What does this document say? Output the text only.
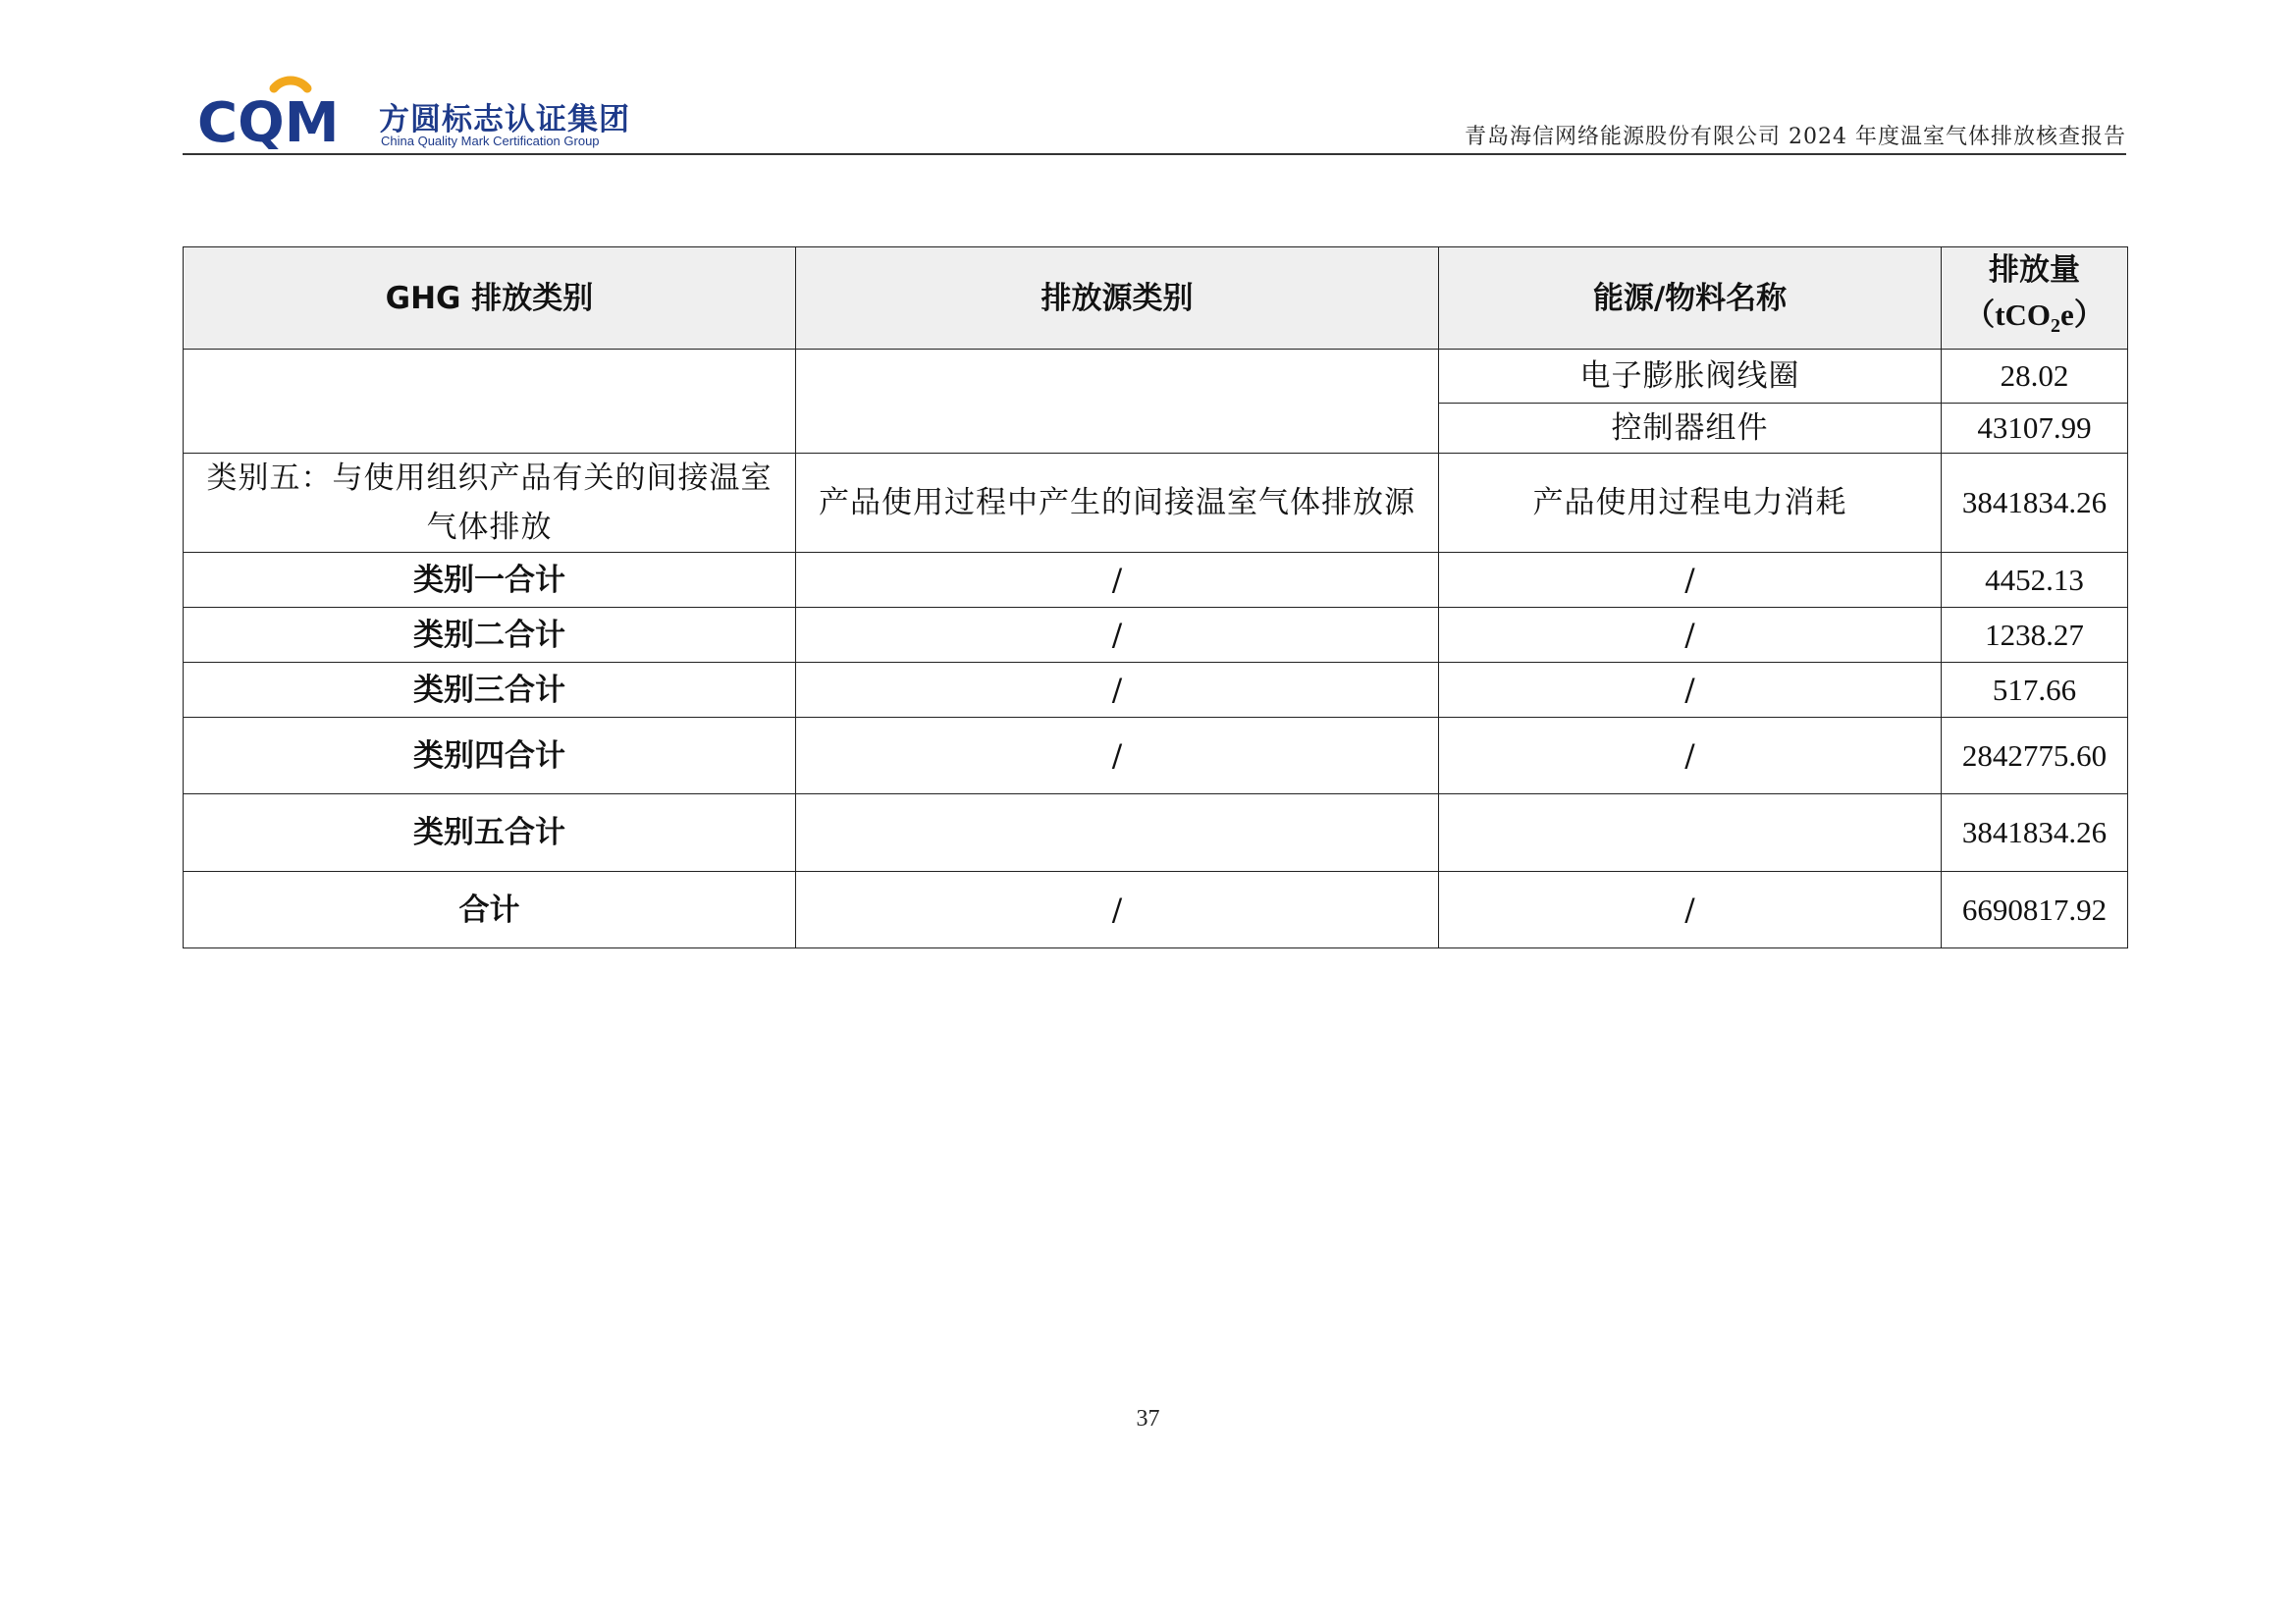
CQM 方圆标志认证集团
China Quality Mark Certification Group	青岛海信网络能源股份有限公司 2024 年度温室气体排放核查报告
GHG 排放类别	排放源类别	能源/物料名称	排放量
（tCO$_2$e）

		电子膨胀阀线圈	28.02
		控制器组件	43107.99
类别五：与使用组织产品有关的间接温室气体排放	产品使用过程中产生的间接温室气体排放源	产品使用过程电力消耗	3841834.26
类别一合计	/	/	4452.13
类别二合计	/	/	1238.27
类别三合计	/	/	517.66
类别四合计	/	/	2842775.60
类别五合计			3841834.26
合计	/	/	6690817.92
37
